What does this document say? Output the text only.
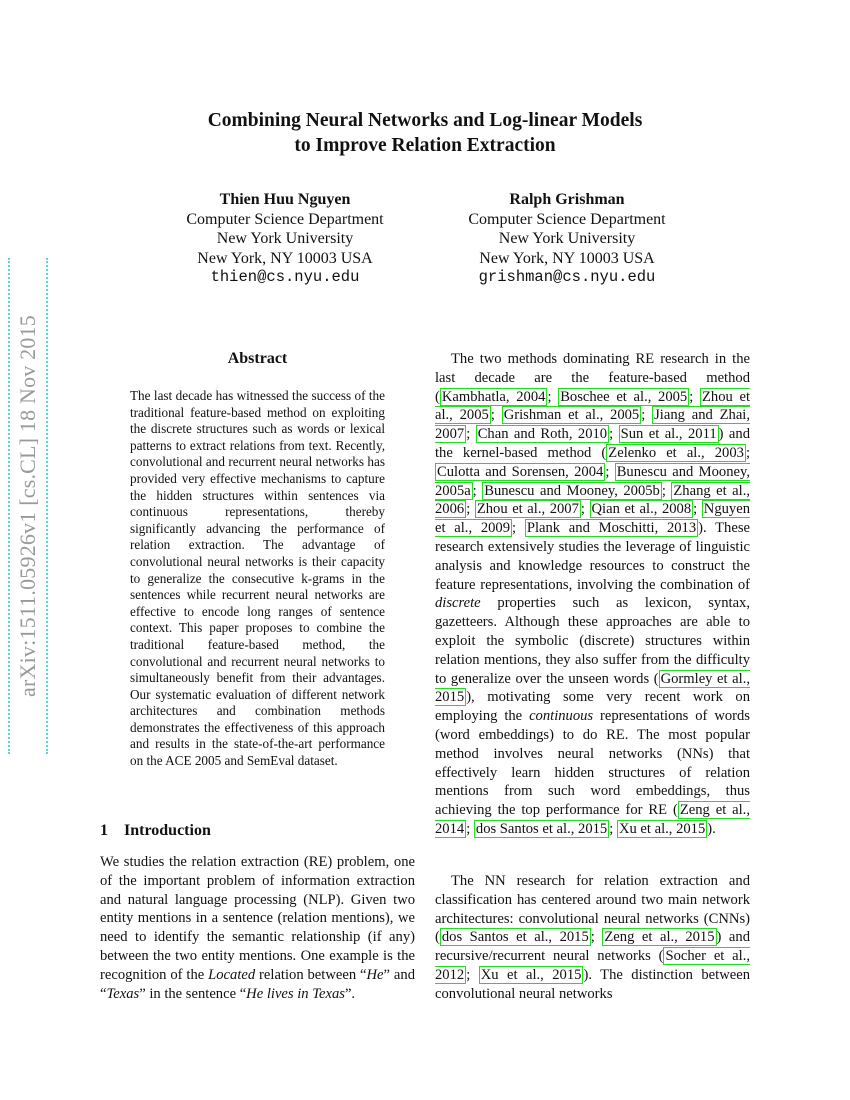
arXiv:1511.05926v1 [cs.CL] 18 Nov 2015
Combining Neural Networks and Log-linear Models
to Improve Relation Extraction
Thien Huu Nguyen
Computer Science Department
New York University
New York, NY 10003 USA
thien@cs.nyu.edu
Ralph Grishman
Computer Science Department
New York University
New York, NY 10003 USA
grishman@cs.nyu.edu
Abstract
The last decade has witnessed the success of the traditional feature-based method on exploiting the discrete structures such as words or lexical patterns to extract relations from text. Recently, convolutional and recurrent neural networks has provided very effective mechanisms to capture the hidden structures within sentences via continuous representations, thereby significantly advancing the performance of relation extraction. The advantage of convolutional neural networks is their capacity to generalize the consecutive k-grams in the sentences while recurrent neural networks are effective to encode long ranges of sentence context. This paper proposes to combine the traditional feature-based method, the convolutional and recurrent neural networks to simultaneously benefit from their advantages. Our systematic evaluation of different network architectures and combination methods demonstrates the effectiveness of this approach and results in the state-of-the-art performance on the ACE 2005 and SemEval dataset.
1 Introduction
We studies the relation extraction (RE) problem, one of the important problem of information extraction and natural language processing (NLP). Given two entity mentions in a sentence (relation mentions), we need to identify the semantic relationship (if any) between the two entity mentions. One example is the recognition of the Located relation between “He” and “Texas” in the sentence “He lives in Texas”.
The two methods dominating RE research in the last decade are the feature-based method ( Kambhatla, 2004 ; Boschee et al., 2005 ; Zhou et al., 2005 ; Grishman et al., 2005 ; Jiang and Zhai, 2007 ; Chan and Roth, 2010 ; Sun et al., 2011 ) and the kernel-based method ( Zelenko et al., 2003 ; Culotta and Sorensen, 2004 ; Bunescu and Mooney, 2005a ; Bunescu and Mooney, 2005b ; Zhang et al., 2006 ; Zhou et al., 2007 ; Qian et al., 2008 ; Nguyen et al., 2009 ; Plank and Moschitti, 2013 ). These research extensively studies the leverage of linguistic analysis and knowledge resources to construct the feature representations, involving the combination of discrete properties such as lexicon, syntax, gazetteers. Although these approaches are able to exploit the symbolic (discrete) structures within relation mentions, they also suffer from the difficulty to generalize over the unseen words ( Gormley et al., 2015 ), motivating some very recent work on employing the continuous representations of words (word embeddings) to do RE. The most popular method involves neural networks (NNs) that effectively learn hidden structures of relation mentions from such word embeddings, thus achieving the top performance for RE ( Zeng et al., 2014 ; dos Santos et al., 2015 ; Xu et al., 2015 ).
The NN research for relation extraction and classification has centered around two main network architectures: convolutional neural networks (CNNs) ( dos Santos et al., 2015 ; Zeng et al., 2015 ) and recursive/recurrent neural networks ( Socher et al., 2012 ; Xu et al., 2015 ). The distinction between convolutional neural networks
